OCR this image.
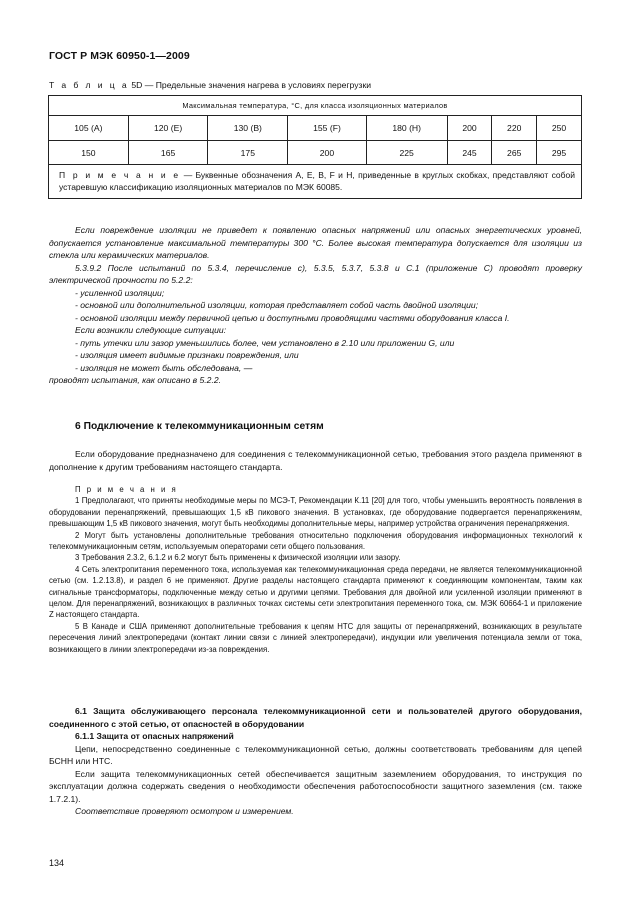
ГОСТ Р МЭК 60950-1—2009
Т а б л и ц а 5D — Предельные значения нагрева в условиях перегрузки
Максимальная температура, °С, для класса изоляционных материалов							
105 (А)	120 (Е)	130 (В)	155 (F)	180 (Н)	200	220	250
150	165	175	200	225	245	265	295
П р и м е ч а н и е — Буквенные обозначения А, Е, В, F и Н, приведенные в круглых скобках, представляют собой устаревшую классификацию изоляционных материалов по МЭК 60085.							

Если повреждение изоляции не приведет к появлению опасных напряжений или опасных энергетических уровней, допускается установление максимальной температуры 300 °С. Более высокая температура допускается для изоляции из стекла или керамических материалов.

5.3.9.2 После испытаний по 5.3.4, перечисление с), 5.3.5, 5.3.7, 5.3.8 и С.1 (приложение С) проводят проверку электрической прочности по 5.2.2:

- усиленной изоляции;

- основной или дополнительной изоляции, которая представляет собой часть двойной изоляции;

- основной изоляции между первичной цепью и доступными проводящими частями оборудования класса I.

Если возникли следующие ситуации:

- путь утечки или зазор уменьшились более, чем установлено в 2.10 или приложении G, или

- изоляция имеет видимые признаки повреждения, или

- изоляция не может быть обследована, —

проводят испытания, как описано в 5.2.2.

6 Подключение к телекоммуникационным сетям

Если оборудование предназначено для соединения с телекоммуникационной сетью, требования этого раздела применяют в дополнение к другим требованиям настоящего стандарта.

П р и м е ч а н и я

1 Предполагают, что приняты необходимые меры по МСЭ-Т, Рекомендации К.11 [20] для того, чтобы уменьшить вероятность появления в оборудовании перенапряжений, превышающих 1,5 кВ пикового значения. В установках, где оборудование подвергается перенапряжениям, превышающим 1,5 кВ пикового значения, могут быть необходимы дополнительные меры, например устройства ограничения перенапряжения.

2 Могут быть установлены дополнительные требования относительно подключения оборудования информационных технологий к телекоммуникационным сетям, используемым операторами сети общего пользования.

3 Требования 2.3.2, 6.1.2 и 6.2 могут быть применены к физической изоляции или зазору.

4 Сеть электропитания переменного тока, используемая как телекоммуникационная среда передачи, не является телекоммуникационной сетью (см. 1.2.13.8), и раздел 6 не применяют. Другие разделы настоящего стандарта применяют к соединяющим компонентам, таким как сигнальные трансформаторы, подключенные между сетью и другими цепями. Требования для двойной или усиленной изоляции применяют в целом. Для перенапряжений, возникающих в различных точках системы сети электропитания переменного тока, см. МЭК 60664-1 и приложение Z настоящего стандарта.

5 В Канаде и США применяют дополнительные требования к цепям НТС для защиты от перенапряжений, возникающих в результате пересечения линий электропередачи (контакт линии связи с линией электропередачи), индукции или увеличения потенциала земли от тока, возникающего в линии электропередачи из-за повреждения.

6.1 Защита обслуживающего персонала телекоммуникационной сети и пользователей другого оборудования, соединенного с этой сетью, от опасностей в оборудовании

6.1.1 Защита от опасных напряжений

Цепи, непосредственно соединенные с телекоммуникационной сетью, должны соответствовать требованиям для цепей БСНН или НТС.

Если защита телекоммуникационных сетей обеспечивается защитным заземлением оборудования, то инструкция по эксплуатации должна содержать сведения о необходимости обеспечения работоспособности защитного заземления (см. также 1.7.2.1).

Соответствие проверяют осмотром и измерением.

134
